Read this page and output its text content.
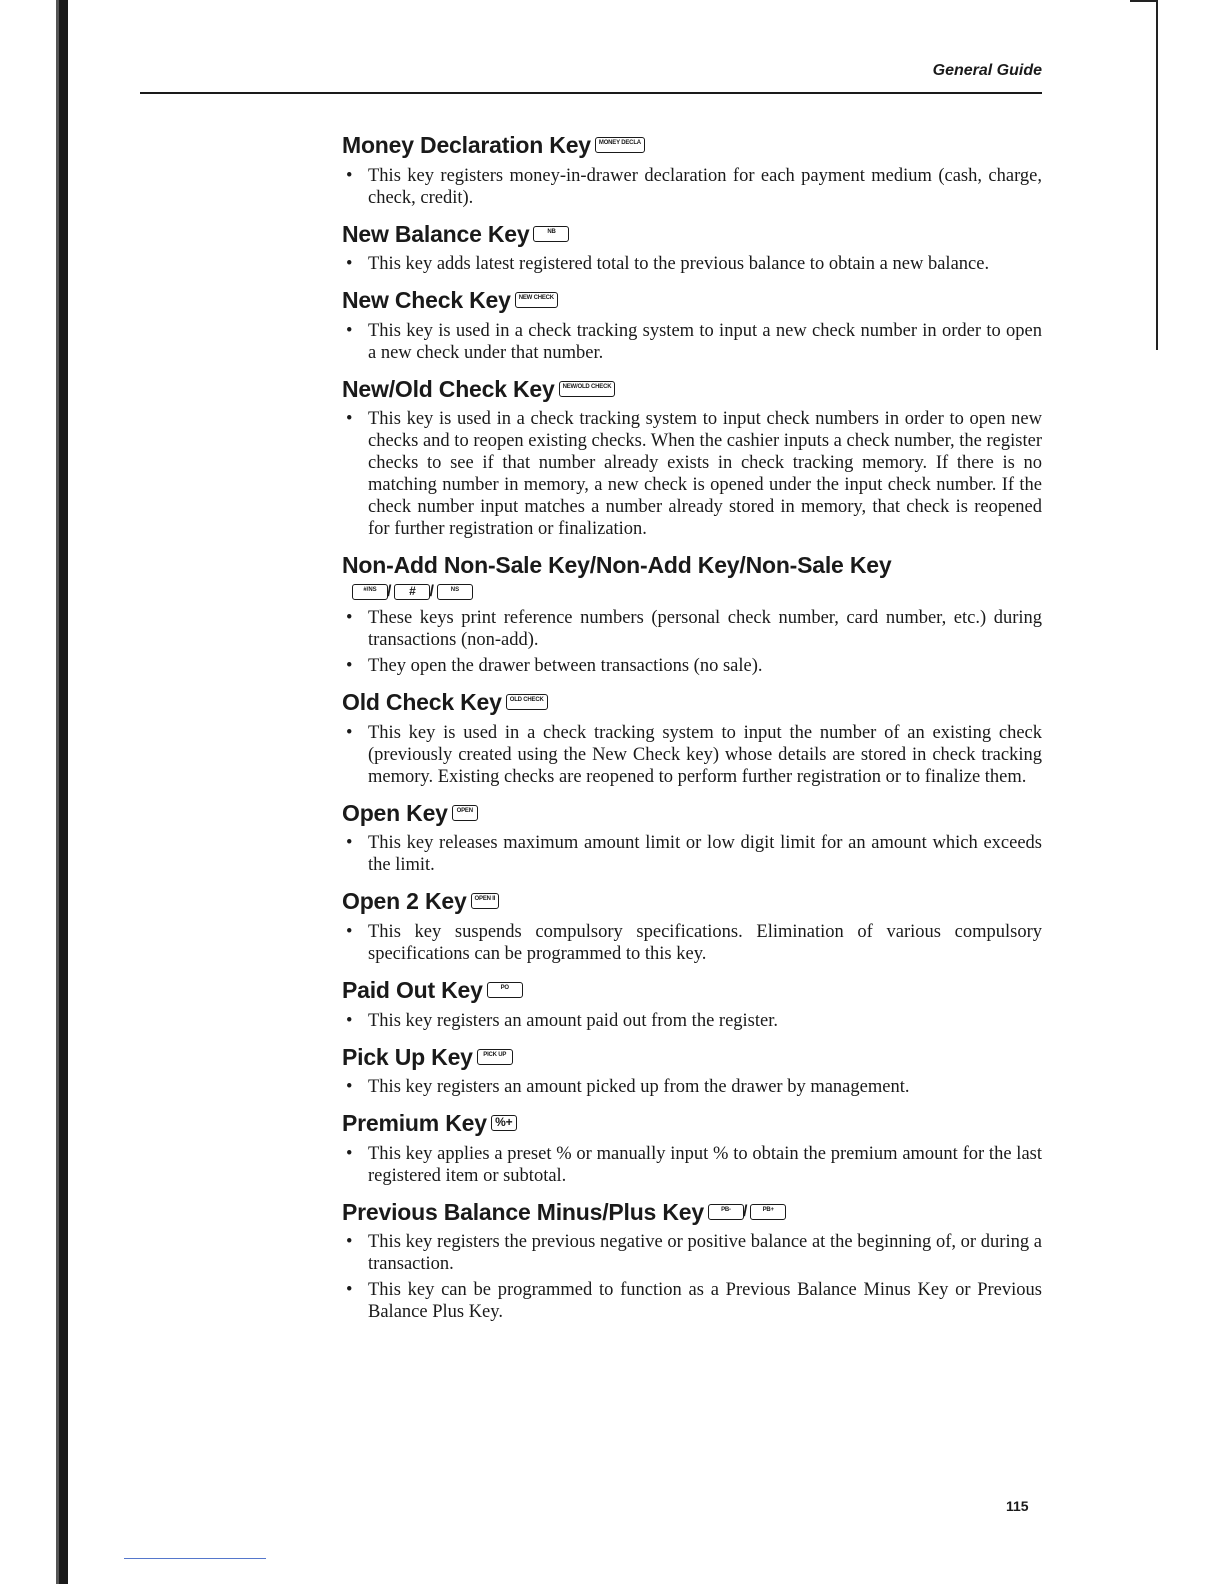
General Guide
Money Declaration Key MONEY DECLA
• This key registers money-in-drawer declaration for each payment medium (cash, charge, check, credit).
New Balance Key	NB
• This key adds latest registered total to the previous balance to obtain a new balance.
New Check Key NEW CHECK
• This key is used in a check tracking system to input a new check number in order to open a new check under that number.
New/Old Check Key NEW/OLD CHECK
• This key is used in a check tracking system to input check numbers in order to open new checks and to reopen existing checks. When the cashier inputs a check number, the register checks to see if that number already exists in check tracking memory. If there is no matching number in memory, a new check is opened under the input check number. If the check number input matches a number already stored in memory, that check is reopened for further registration or finalization.
Non-Add Non-Sale Key/Non-Add Key/Non-Sale Key
#/NS / # /	NS
• These keys print reference numbers (personal check number, card number, etc.) during transactions (non-add).
• They open the drawer between transactions (no sale).
Old Check Key OLD CHECK
• This key is used in a check tracking system to input the number of an existing check (previously created using the New Check key) whose details are stored in check tracking memory. Existing checks are reopened to perform further registration or to finalize them.
Open Key OPEN
• This key releases maximum amount limit or low digit limit for an amount which exceeds the limit.
Open 2 Key OPEN II
• This key suspends compulsory specifications. Elimination of various compulsory specifications can be programmed to this key.
Paid Out Key	PO
• This key registers an amount paid out from the register.
Pick Up Key PICK UP
• This key registers an amount picked up from the drawer by management.
Premium Key %+
• This key applies a preset % or manually input % to obtain the premium amount for the last registered item or subtotal.
Previous Balance Minus/Plus Key	PB- /	PB+
• This key registers the previous negative or positive balance at the beginning of, or during a transaction.
• This key can be programmed to function as a Previous Balance Minus Key or Previous Balance Plus Key.
115
